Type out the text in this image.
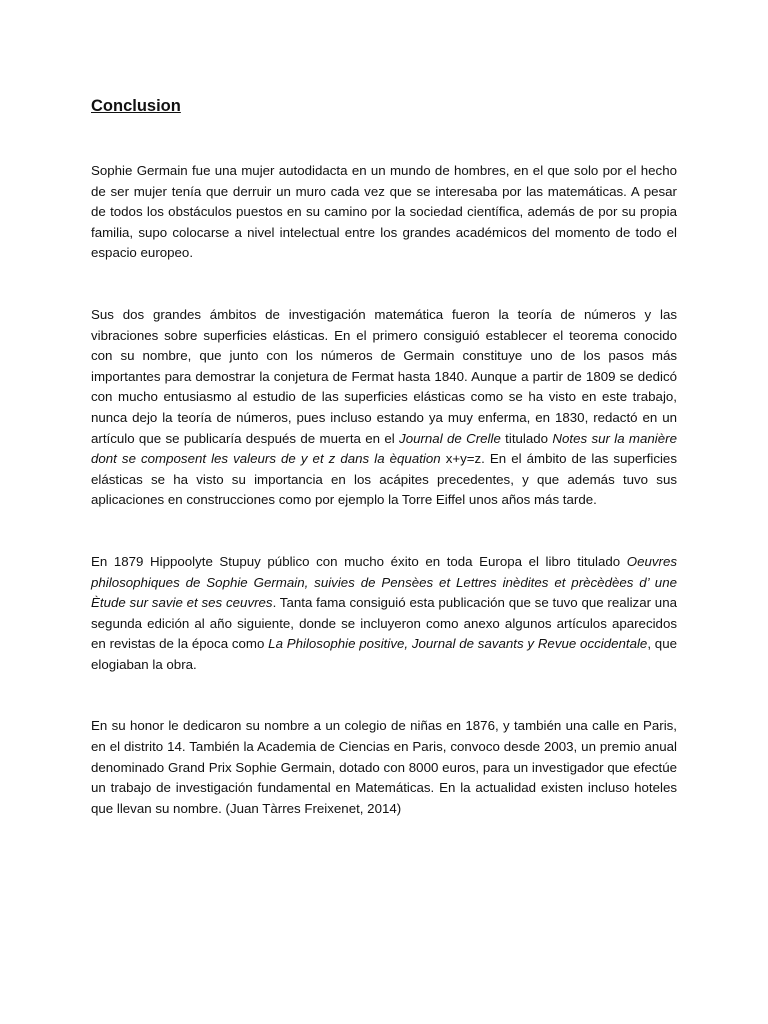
Conclusion

Sophie Germain fue una mujer autodidacta en un mundo de hombres, en el que solo por el hecho de ser mujer tenía que derruir un muro cada vez que se interesaba por las matemáticas. A pesar de todos los obstáculos puestos en su camino por la sociedad científica, además de por su propia familia, supo colocarse a nivel intelectual entre los grandes académicos del momento de todo el espacio europeo.

Sus dos grandes ámbitos de investigación matemática fueron la teoría de números y las vibraciones sobre superficies elásticas. En el primero consiguió establecer el teorema conocido con su nombre, que junto con los números de Germain constituye uno de los pasos más importantes para demostrar la conjetura de Fermat hasta 1840. Aunque a partir de 1809 se dedicó con mucho entusiasmo al estudio de las superficies elásticas como se ha visto en este trabajo, nunca dejo la teoría de números, pues incluso estando ya muy enferma, en 1830, redactó en un artículo que se publicaría después de muerta en el Journal de Crelle titulado Notes sur la manière dont se composent les valeurs de y et z dans la èquation x+y=z. En el ámbito de las superficies elásticas se ha visto su importancia en los acápites precedentes, y que además tuvo sus aplicaciones en construcciones como por ejemplo la Torre Eiffel unos años más tarde.

En 1879 Hippoolyte Stupuy público con mucho éxito en toda Europa el libro titulado Oeuvres philosophiques de Sophie Germain, suivies de Pensèes et Lettres inèdites et prècèdèes d’ une Ètude sur savie et ses ceuvres. Tanta fama consiguió esta publicación que se tuvo que realizar una segunda edición al año siguiente, donde se incluyeron como anexo algunos artículos aparecidos en revistas de la época como La Philosophie positive, Journal de savants y Revue occidentale, que elogiaban la obra.

En su honor le dedicaron su nombre a un colegio de niñas en 1876, y también una calle en Paris, en el distrito 14. También la Academia de Ciencias en Paris, convoco desde 2003, un premio anual denominado Grand Prix Sophie Germain, dotado con 8000 euros, para un investigador que efectúe un trabajo de investigación fundamental en Matemáticas. En la actualidad existen incluso hoteles que llevan su nombre. (Juan Tàrres Freixenet, 2014)
